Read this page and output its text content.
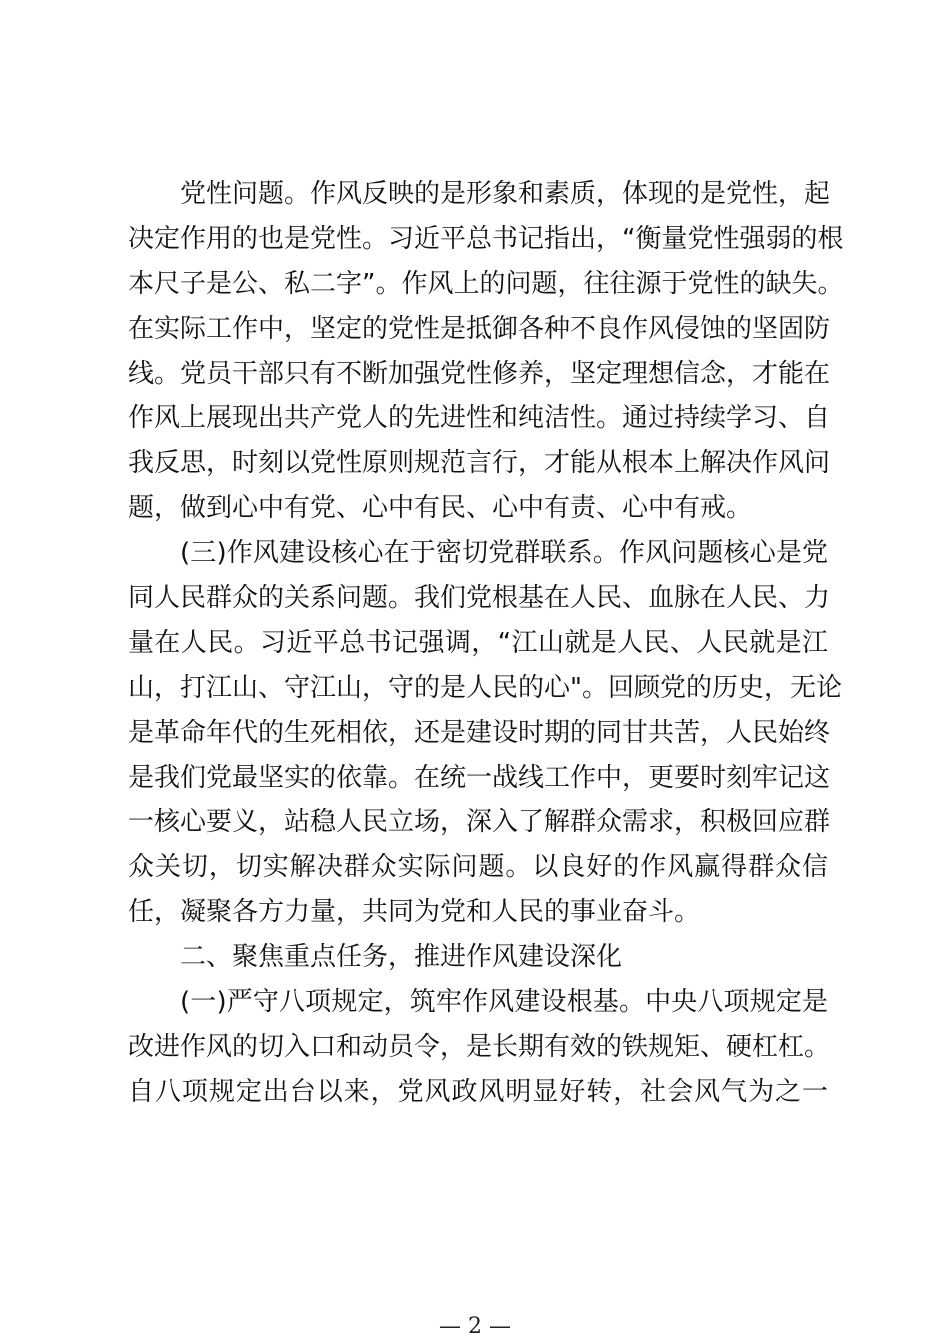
党性问题。作风反映的是形象和素质，体现的是党性，起

决定作用的也是党性。习近平总书记指出，“衡量党性强弱的根

本尺子是公、私二字”。作风上的问题，往往源于党性的缺失。

在实际工作中，坚定的党性是抵御各种不良作风侵蚀的坚固防

线。党员干部只有不断加强党性修养，坚定理想信念，才能在

作风上展现出共产党人的先进性和纯洁性。通过持续学习、自

我反思，时刻以党性原则规范言行，才能从根本上解决作风问

题，做到心中有党、心中有民、心中有责、心中有戒。

(三)作风建设核心在于密切党群联系。作风问题核心是党

同人民群众的关系问题。我们党根基在人民、血脉在人民、力

量在人民。习近平总书记强调，“江山就是人民、人民就是江

山，打江山、守江山，守的是人民的心"。回顾党的历史，无论

是革命年代的生死相依，还是建设时期的同甘共苦，人民始终

是我们党最坚实的依靠。在统一战线工作中，更要时刻牢记这

一核心要义，站稳人民立场，深入了解群众需求，积极回应群

众关切，切实解决群众实际问题。以良好的作风赢得群众信

任，凝聚各方力量，共同为党和人民的事业奋斗。

二、聚焦重点任务，推进作风建设深化

(一)严守八项规定，筑牢作风建设根基。中央八项规定是

改进作风的切入口和动员令，是长期有效的铁规矩、硬杠杠。

自八项规定出台以来，党风政风明显好转，社会风气为之一

— 2 —
